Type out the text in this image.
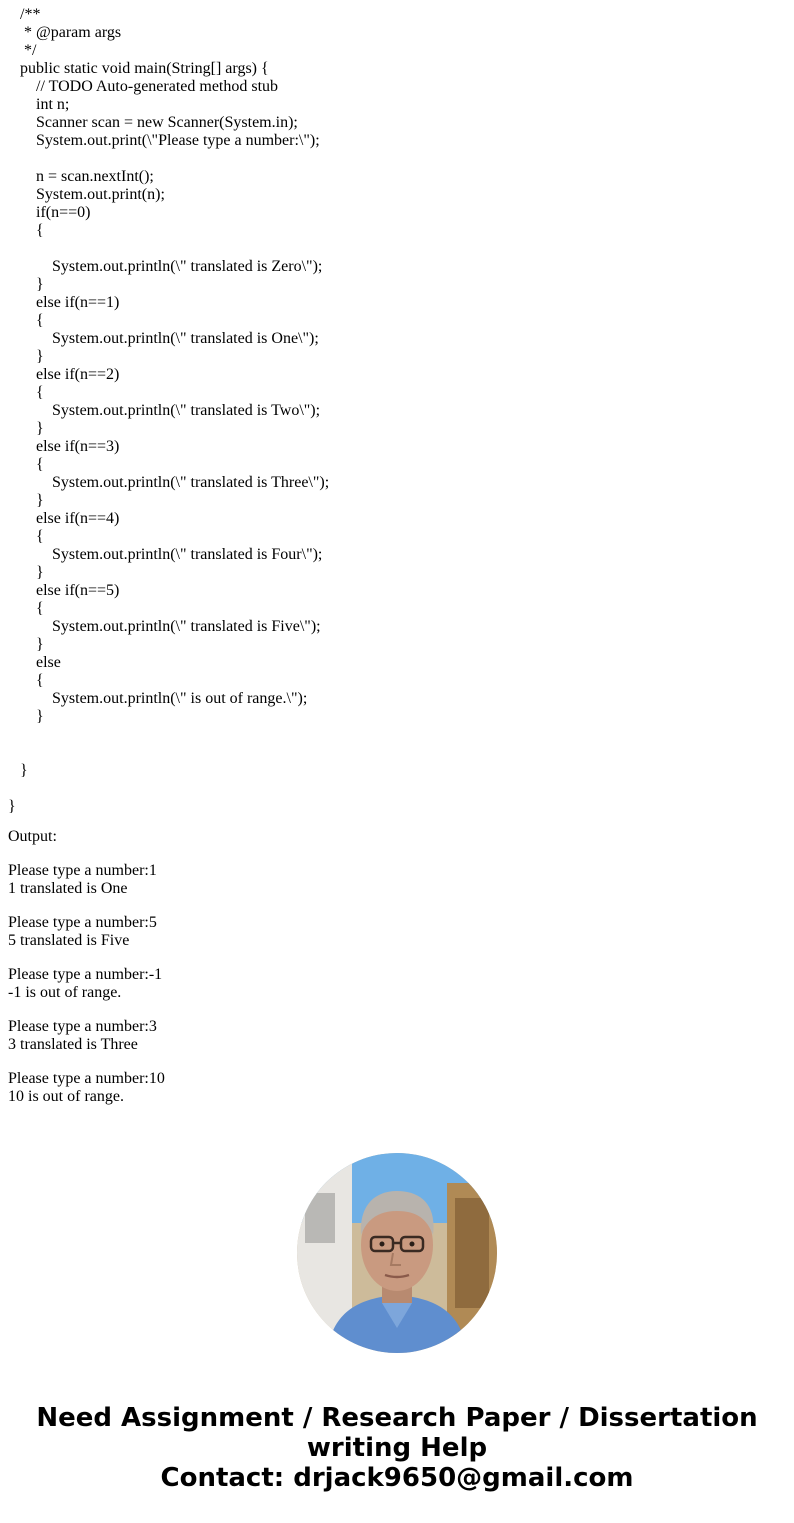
/**
* @param args
*/
public static void main(String[] args) {
// TODO Auto-generated method stub
int n;
Scanner scan = new Scanner(System.in);
System.out.print(\"Please type a number:\");
n = scan.nextInt();
System.out.print(n);
if(n==0)
{
System.out.println(\" translated is Zero\");
}
else if(n==1)
{
System.out.println(\" translated is One\");
}
else if(n==2)
{
System.out.println(\" translated is Two\");
}
else if(n==3)
{
System.out.println(\" translated is Three\");
}
else if(n==4)
{
System.out.println(\" translated is Four\");
}
else if(n==5)
{
System.out.println(\" translated is Five\");
}
else
{
System.out.println(\" is out of range.\");
}
}
}
Output:
Please type a number:1
1 translated is One
Please type a number:5
5 translated is Five
Please type a number:-1
-1 is out of range.
Please type a number:3
3 translated is Three
Please type a number:10
10 is out of range.
Need Assignment / Research Paper / Dissertation
writing Help
Contact: drjack9650@gmail.com
